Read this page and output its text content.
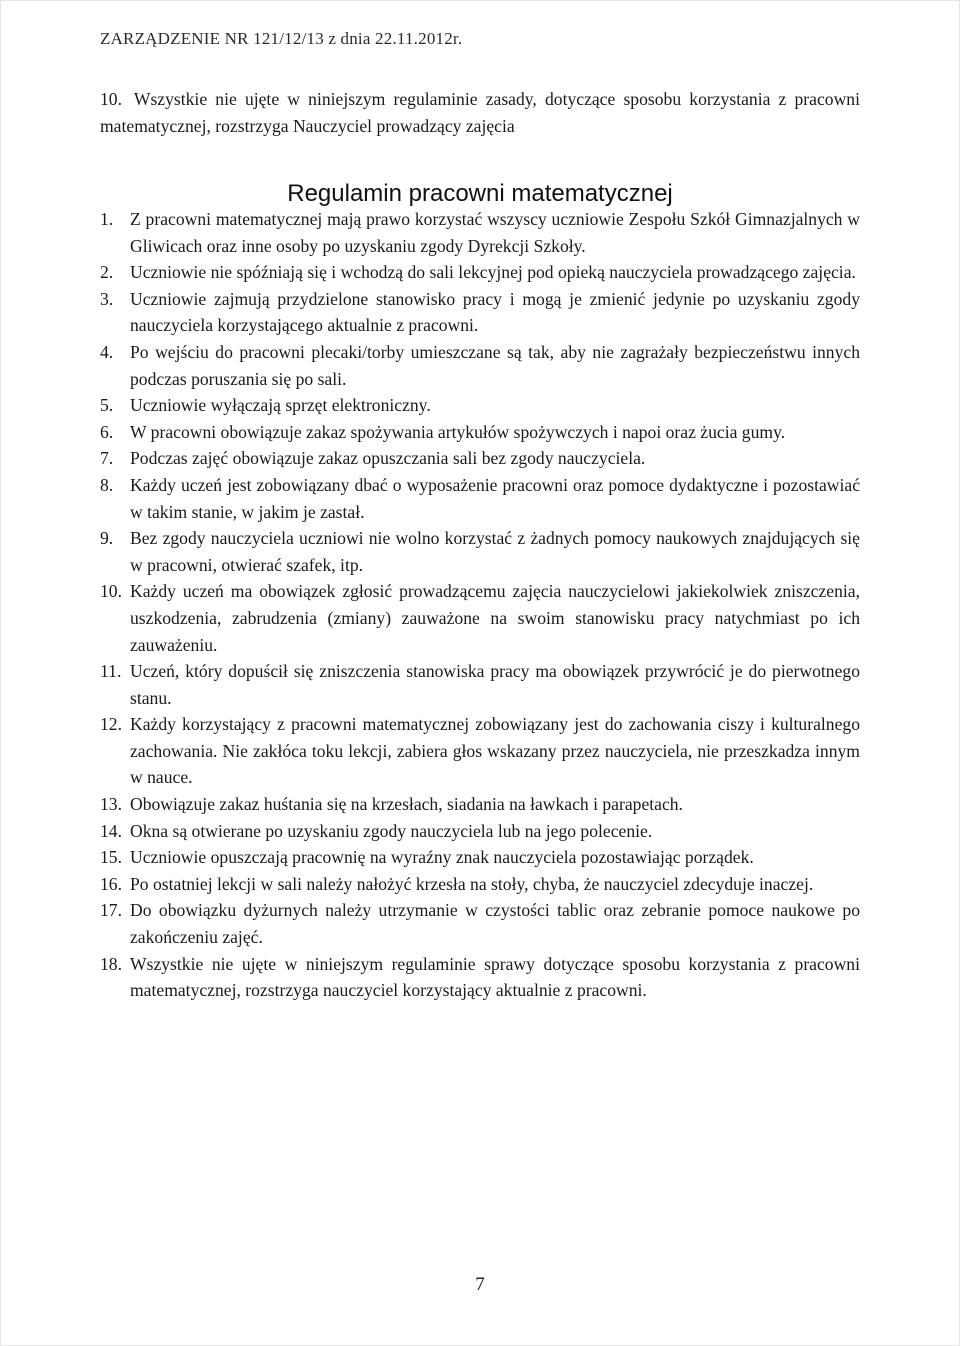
ZARZĄDZENIE NR 121/12/13 z dnia 22.11.2012r.
10. Wszystkie nie ujęte w niniejszym regulaminie zasady, dotyczące sposobu korzystania z pracowni matematycznej, rozstrzyga Nauczyciel prowadzący zajęcia
Regulamin pracowni matematycznej
1. Z pracowni matematycznej mają prawo korzystać wszyscy uczniowie Zespołu Szkół Gimnazjalnych w Gliwicach oraz inne osoby po uzyskaniu zgody Dyrekcji Szkoły.
2. Uczniowie nie spóźniają się i wchodzą do sali lekcyjnej pod opieką nauczyciela prowadzącego zajęcia.
3. Uczniowie zajmują przydzielone stanowisko pracy i mogą je zmienić jedynie po uzyskaniu zgody nauczyciela korzystającego aktualnie z pracowni.
4. Po wejściu do pracowni plecaki/torby umieszczane są tak, aby nie zagrażały bezpieczeństwu innych podczas poruszania się po sali.
5. Uczniowie wyłączają sprzęt elektroniczny.
6. W pracowni obowiązuje zakaz spożywania artykułów spożywczych i napoi oraz żucia gumy.
7. Podczas zajęć obowiązuje zakaz opuszczania sali bez zgody nauczyciela.
8. Każdy uczeń jest zobowiązany dbać o wyposażenie pracowni oraz pomoce dydaktyczne i pozostawiać w takim stanie, w jakim je zastał.
9. Bez zgody nauczyciela uczniowi nie wolno korzystać z żadnych pomocy naukowych znajdujących się w pracowni, otwierać szafek, itp.
10. Każdy uczeń ma obowiązek zgłosić prowadzącemu zajęcia nauczycielowi jakiekolwiek zniszczenia, uszkodzenia, zabrudzenia (zmiany) zauważone na swoim stanowisku pracy natychmiast po ich zauważeniu.
11. Uczeń, który dopuścił się zniszczenia stanowiska pracy ma obowiązek przywrócić je do pierwotnego stanu.
12. Każdy korzystający z pracowni matematycznej zobowiązany jest do zachowania ciszy i kulturalnego zachowania. Nie zakłóca toku lekcji, zabiera głos wskazany przez nauczyciela, nie przeszkadza innym w nauce.
13. Obowiązuje zakaz huśtania się na krzesłach, siadania na ławkach i parapetach.
14. Okna są otwierane po uzyskaniu zgody nauczyciela lub na jego polecenie.
15. Uczniowie opuszczają pracownię na wyraźny znak nauczyciela pozostawiając porządek.
16. Po ostatniej lekcji w sali należy nałożyć krzesła na stoły, chyba, że nauczyciel zdecyduje inaczej.
17. Do obowiązku dyżurnych należy utrzymanie w czystości tablic oraz zebranie pomoce naukowe po zakończeniu zajęć.
18. Wszystkie nie ujęte w niniejszym regulaminie sprawy dotyczące sposobu korzystania z pracowni matematycznej, rozstrzyga nauczyciel korzystający aktualnie z pracowni.
7
